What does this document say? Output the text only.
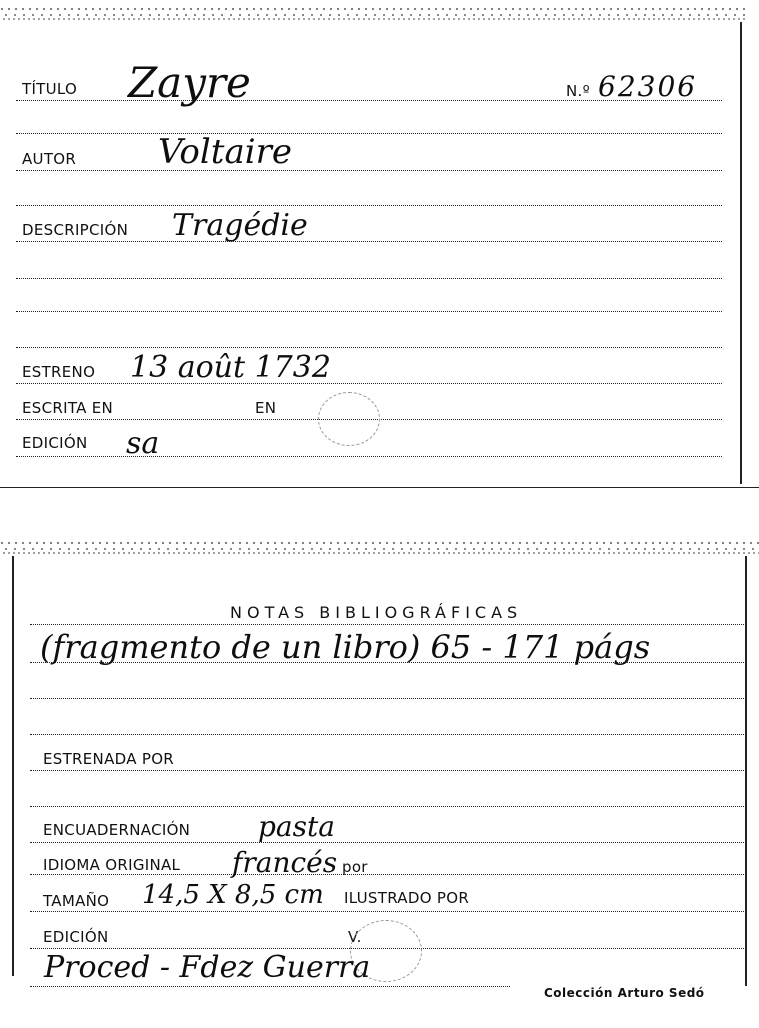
TÍTULO Zayre	N.º 62306
AUTOR Voltaire
DESCRIPCIÓN Tragédie
ESTRENO 13 août 1732
ESCRITA EN	EN
EDICIÓN sa
NOTAS BIBLIOGRÁFICAS
(fragmento de un libro) 65 - 171 págs
ESTRENADA POR
ENCUADERNACIÓN pasta
IDIOMA ORIGINAL francés por
TAMAÑO 14,5 X 8,5 cm ILUSTRADO POR
EDICIÓN	V.
Proced - Fdez Guerra
Colección Arturo Sedó
